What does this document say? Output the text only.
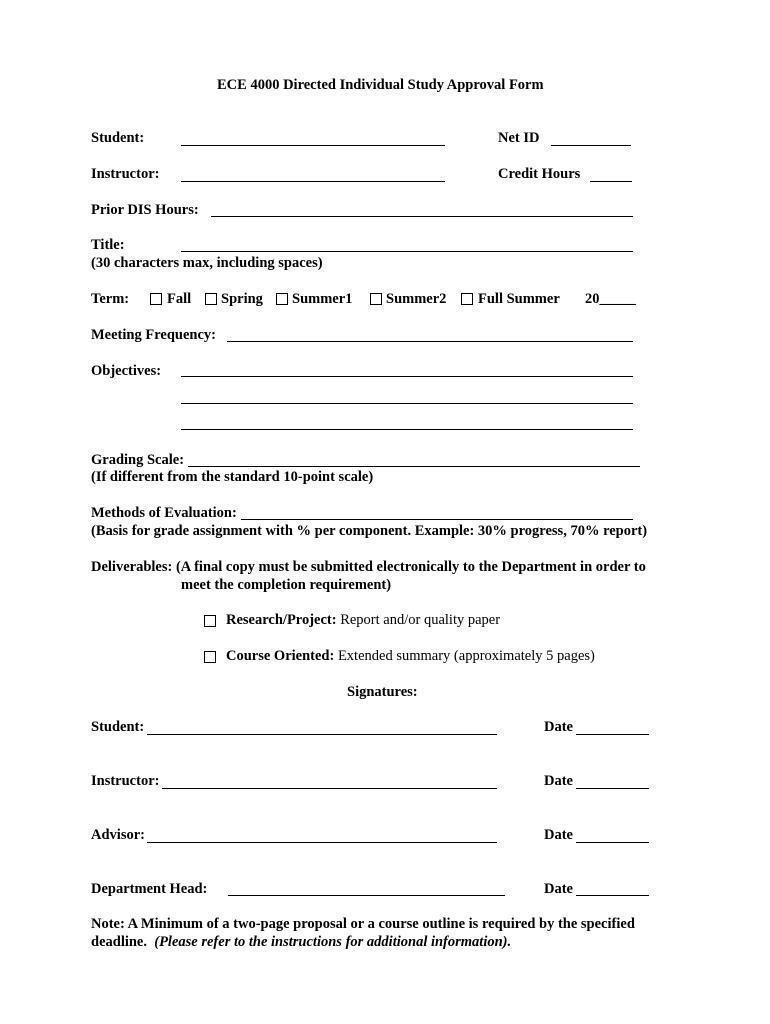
ECE 4000 Directed Individual Study Approval Form
Student:	Net ID
Instructor:	Credit Hours
Prior DIS Hours:
Title:
(30 characters max, including spaces)
Term:	Fall Spring Summer1 Summer2 Full Summer 20_____
Meeting Frequency:
Objectives:
Grading Scale:
(If different from the standard 10-point scale)
Methods of Evaluation:
(Basis for grade assignment with % per component. Example: 30% progress, 70% report)
Deliverables: (A final copy must be submitted electronically to the Department in order to
meet the completion requirement)
Research/Project: Report and/or quality paper
Course Oriented: Extended summary (approximately 5 pages)
Signatures:
Student:	Date
Instructor:	Date
Advisor:	Date
Department Head:	Date
Note: A Minimum of a two-page proposal or a course outline is required by the specified
deadline. (Please refer to the instructions for additional information).
